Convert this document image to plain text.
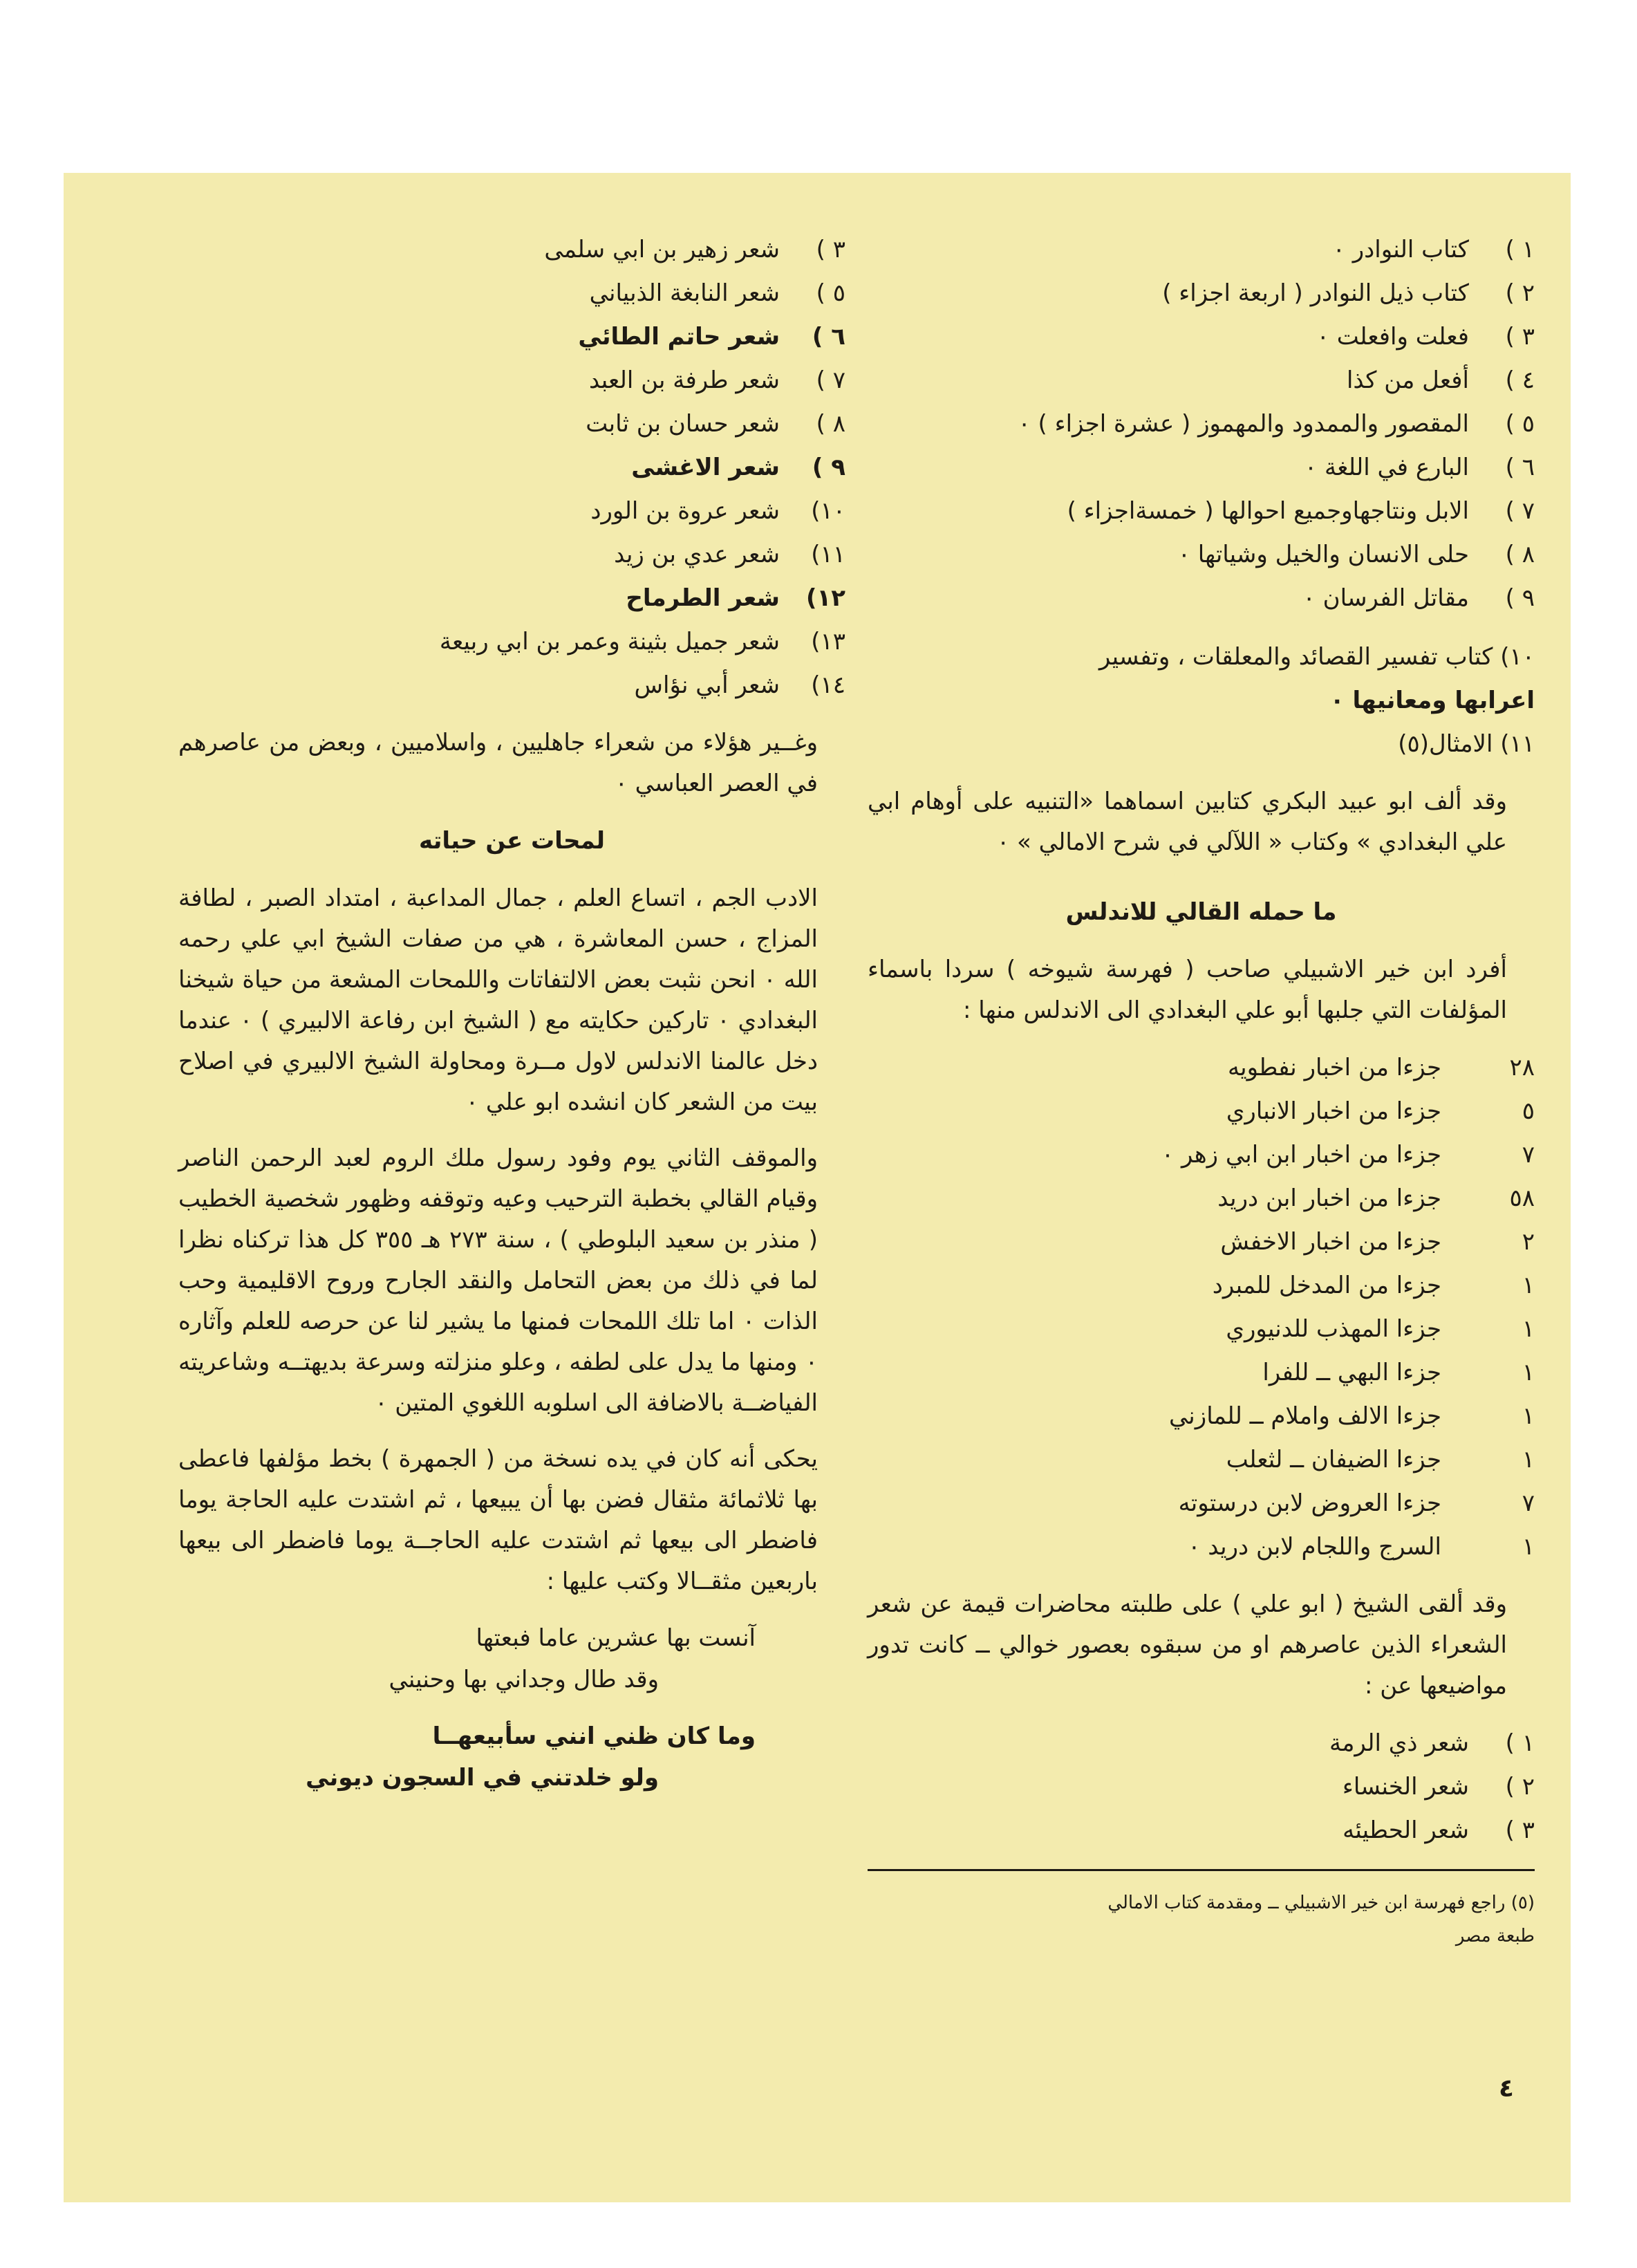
١ )كتاب النوادر ٠
٢ )كتاب ذيل النوادر ( اربعة اجزاء )
٣ )فعلت وافعلت ٠
٤ )أفعل من كذا
٥ )المقصور والممدود والمهموز ( عشرة اجزاء ) ٠
٦ )البارع في اللغة ٠
٧ )الابل ونتاجهاوجميع احوالها ( خمسةاجزاء )
٨ )حلى الانسان والخيل وشياتها ٠
٩ )مقاتل الفرسان ٠
١٠) كتاب تفسير القصائد والمعلقات ، وتفسير
اعرابها ومعانيها ٠
١١) الامثال(٥)
وقد ألف ابو عبيد البكري كتابين اسماهما «التنبيه على أوهام ابي علي البغدادي » وكتاب « اللآلي في شرح الامالي » ٠
ما حمله القالي للاندلس
أفرد ابن خير الاشبيلي صاحب ( فهرسة شيوخه ) سردا باسماء المؤلفات التي جلبها أبو علي البغدادي الى الاندلس منها :
٢٨جزءا من اخبار نفطويه
٥جزءا من اخبار الانباري
٧جزءا من اخبار ابن ابي زهر ٠
٥٨جزءا من اخبار ابن دريد
٢جزءا من اخبار الاخفش
١جزءا من المدخل للمبرد
١جزءا المهذب للدنيوري
١جزءا البهي ــ للفرا
١جزءا الالف واملام ــ للمازني
١جزءا الضيفان ــ لثعلب
٧جزءا العروض لابن درستوته
١السرج واللجام لابن دريد ٠
وقد ألقى الشيخ ( ابو علي ) على طلبته محاضرات قيمة عن شعر الشعراء الذين عاصرهم او من سبقوه بعصور خوالي ــ كانت تدور مواضيعها عن :
١ )شعر ذي الرمة
٢ )شعر الخنساء
٣ )شعر الحطيئه
(٥) راجع فهرسة ابن خير الاشبيلي ــ ومقدمة كتاب الامالي
طبعة مصر
٣ )شعر زهير بن ابي سلمى
٥ )شعر النابغة الذبياني
٦ )شعر حاتم الطائي
٧ )شعر طرفة بن العبد
٨ )شعر حسان بن ثابت
٩ )شعر الاغشى
١٠)شعر عروة بن الورد
١١)شعر عدي بن زيد
١٢)شعر الطرماح
١٣)شعر جميل بثينة وعمر بن ابي ربيعة
١٤)شعر أبي نؤاس
وغــير هؤلاء من شعراء جاهليين ، واسلاميين ، وبعض من عاصرهم في العصر العباسي ٠
لمحات عن حياته
الادب الجم ، اتساع العلم ، جمال المداعبة ، امتداد الصبر ، لطافة المزاج ، حسن المعاشرة ، هي من صفات الشيخ ابي علي رحمه الله ٠ انحن نثبت بعض الالتفاتات واللمحات المشعة من حياة شيخنا البغدادي ٠ تاركين حكايته مع ( الشيخ ابن رفاعة الالبيري ) ٠ عندما دخل عالمنا الاندلس لاول مــرة ومحاولة الشيخ الالبيري في اصلاح بيت من الشعر كان انشده ابو علي ٠
والموقف الثاني يوم وفود رسول ملك الروم لعبد الرحمن الناصر وقيام القالي بخطبة الترحيب وعيه وتوقفه وظهور شخصية الخطيب ( منذر بن سعيد البلوطي ) ، سنة ٢٧٣ هـ ٣٥٥ كل هذا تركناه نظرا لما في ذلك من بعض التحامل والنقد الجارح وروح الاقليمية وحب الذات ٠ اما تلك اللمحات فمنها ما يشير لنا عن حرصه للعلم وآثاره ٠ ومنها ما يدل على لطفه ، وعلو منزلته وسرعة بديهتــه وشاعريته الفياضــة بالاضافة الى اسلوبه اللغوي المتين ٠
يحكى أنه كان في يده نسخة من ( الجمهرة ) بخط مؤلفها فاعطى بها ثلاثمائة مثقال فضن بها أن يبيعها ، ثم اشتدت عليه الحاجة يوما فاضطر الى بيعها ثم اشتدت عليه الحاجــة يوما فاضطر الى بيعها باربعين مثقــالا وكتب عليها :
آنست بها عشرين عاما فبعتها
وقد طال وجداني بها وحنيني
وما كان ظني انني سأبيعهــا
ولو خلدتني في السجون ديوني
٤
